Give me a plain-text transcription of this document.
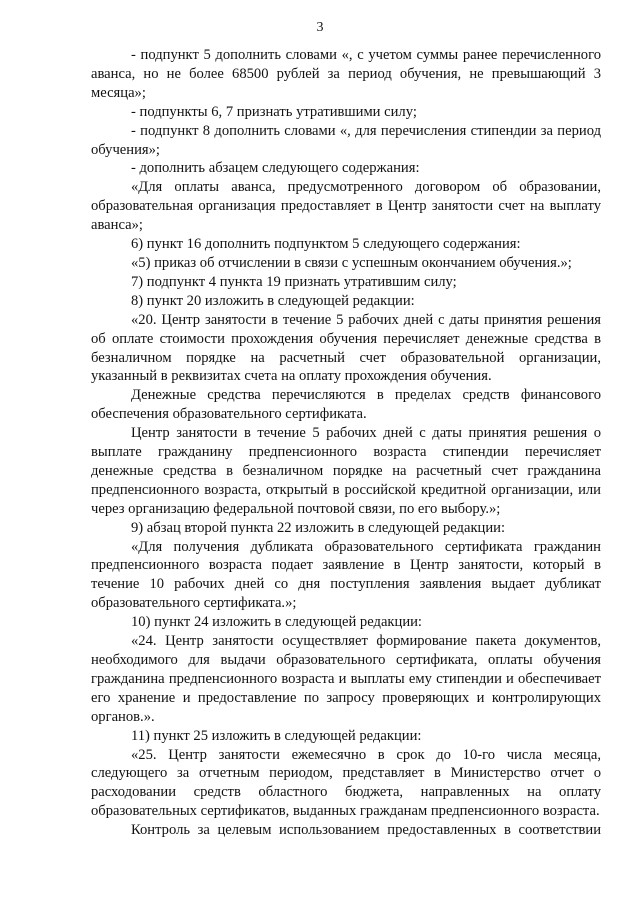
3

- подпункт 5 дополнить словами «, с учетом суммы ранее перечисленного аванса, но не более 68500 рублей за период обучения, не превышающий 3 месяца»;

- подпункты 6, 7 признать утратившими силу;

- подпункт 8 дополнить словами «, для перечисления стипендии за период обучения»;

- дополнить абзацем следующего содержания:

«Для оплаты аванса, предусмотренного договором об образовании, образовательная организация предоставляет в Центр занятости счет на выплату аванса»;

6) пункт 16 дополнить подпунктом 5 следующего содержания:

«5) приказ об отчислении в связи с успешным окончанием обучения.»;

7) подпункт 4 пункта 19 признать утратившим силу;

8) пункт 20 изложить в следующей редакции:

«20. Центр занятости в течение 5 рабочих дней с даты принятия решения об оплате стоимости прохождения обучения перечисляет денежные средства в безналичном порядке на расчетный счет образовательной организации, указанный в реквизитах счета на оплату прохождения обучения.

Денежные средства перечисляются в пределах средств финансового обеспечения образовательного сертификата.

Центр занятости в течение 5 рабочих дней с даты принятия решения о выплате гражданину предпенсионного возраста стипендии перечисляет денежные средства в безналичном порядке на расчетный счет гражданина предпенсионного возраста, открытый в российской кредитной организации, или через организацию федеральной почтовой связи, по его выбору.»;

9) абзац второй пункта 22 изложить в следующей редакции:

«Для получения дубликата образовательного сертификата гражданин предпенсионного возраста подает заявление в Центр занятости, который в течение 10 рабочих дней со дня поступления заявления выдает дубликат образовательного сертификата.»;

10) пункт 24 изложить в следующей редакции:

«24. Центр занятости осуществляет формирование пакета документов, необходимого для выдачи образовательного сертификата, оплаты обучения гражданина предпенсионного возраста и выплаты ему стипендии и обеспечивает его хранение и предоставление по запросу проверяющих и контролирующих органов.».

11) пункт 25 изложить в следующей редакции:

«25. Центр занятости ежемесячно в срок до 10-го числа месяца, следующего за отчетным периодом, представляет в Министерство отчет о расходовании средств областного бюджета, направленных на оплату образовательных сертификатов, выданных гражданам предпенсионного возраста.

Контроль за целевым использованием предоставленных в соответствии
